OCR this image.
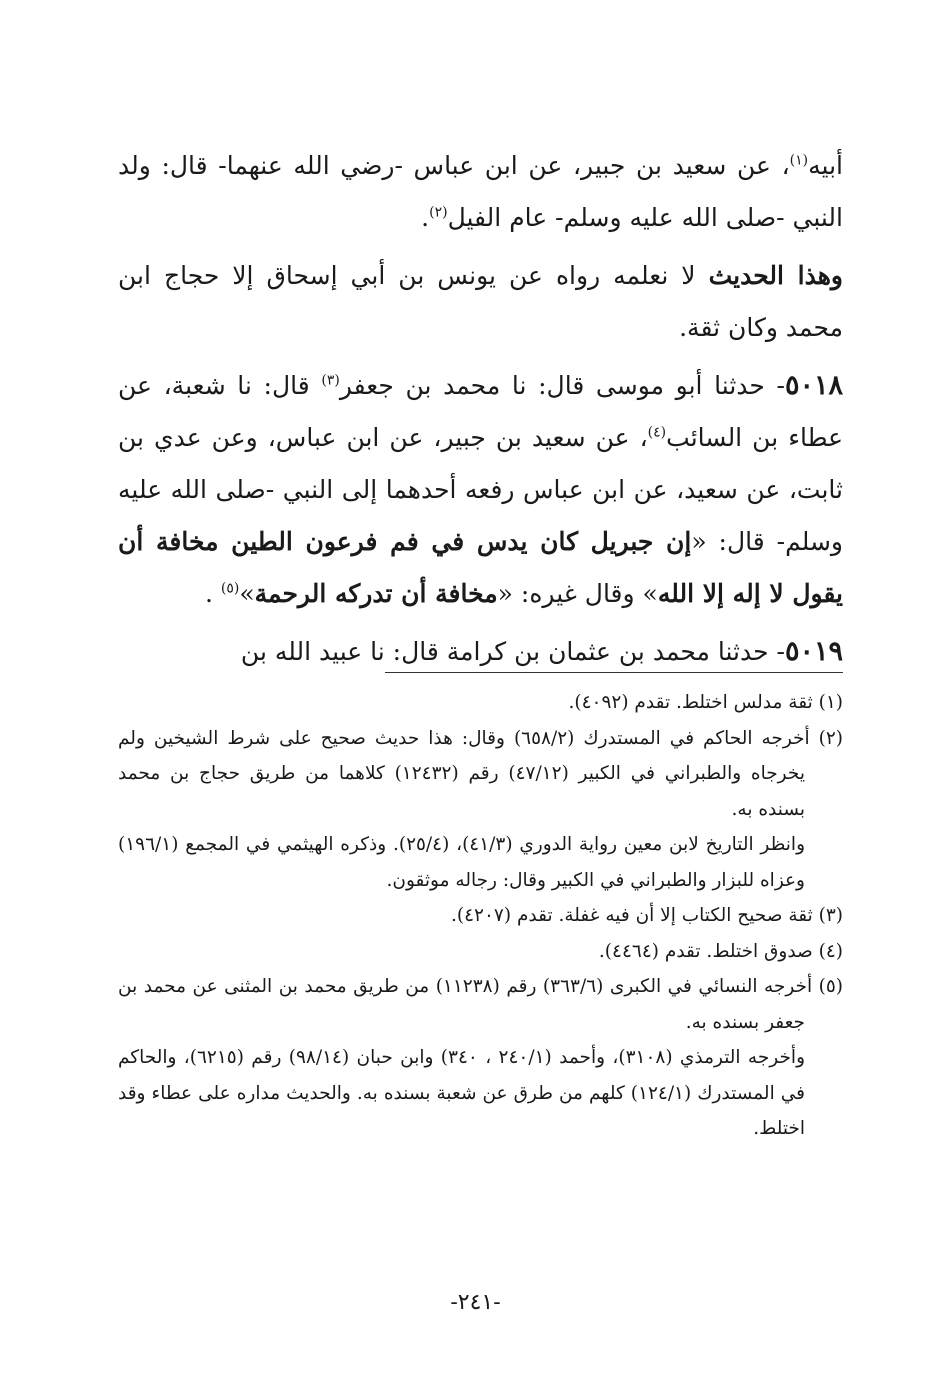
أبيه$^{(١)}$، عن سعيد بن جبير، عن ابن عباس -رضي الله عنهما- قال: ولد النبي -صلى الله عليه وسلم- عام الفيل$^{(٢)}$.

وهذا الحديث لا نعلمه رواه عن يونس بن أبي إسحاق إلا حجاج ابن محمد وكان ثقة.

٥٠١٨- حدثنا أبو موسى قال: نا محمد بن جعفر$^{(٣)}$ قال: نا شعبة، عن عطاء بن السائب$^{(٤)}$، عن سعيد بن جبير، عن ابن عباس، وعن عدي بن ثابت، عن سعيد، عن ابن عباس رفعه أحدهما إلى النبي -صلى الله عليه وسلم- قال: «إن جبريل كان يدس في فم فرعون الطين مخافة أن يقول لا إله إلا الله» وقال غيره: «مخافة أن تدركه الرحمة»$^{(٥)}$ .

٥٠١٩- حدثنا محمد بن عثمان بن كرامة قال: نا عبيد الله بن

(١) ثقة مدلس اختلط. تقدم (٤٠٩٢).

(٢) أخرجه الحاكم في المستدرك (٦٥٨/٢) وقال: هذا حديث صحيح على شرط الشيخين ولم يخرجاه والطبراني في الكبير (٤٧/١٢) رقم (١٢٤٣٢) كلاهما من طريق حجاج بن محمد بسنده به.

وانظر التاريخ لابن معين رواية الدوري (٤١/٣)، (٢٥/٤). وذكره الهيثمي في المجمع (١٩٦/١) وعزاه للبزار والطبراني في الكبير وقال: رجاله موثقون.

(٣) ثقة صحيح الكتاب إلا أن فيه غفلة. تقدم (٤٢٠٧).

(٤) صدوق اختلط. تقدم (٤٤٦٤).

(٥) أخرجه النسائي في الكبرى (٣٦٣/٦) رقم (١١٢٣٨) من طريق محمد بن المثنى عن محمد بن جعفر بسنده به.

وأخرجه الترمذي (٣١٠٨)، وأحمد (٢٤٠/١ ، ٣٤٠) وابن حبان (٩٨/١٤) رقم (٦٢١٥)، والحاكم في المستدرك (١٢٤/١) كلهم من طرق عن شعبة بسنده به. والحديث مداره على عطاء وقد اختلط.

-٢٤١-
